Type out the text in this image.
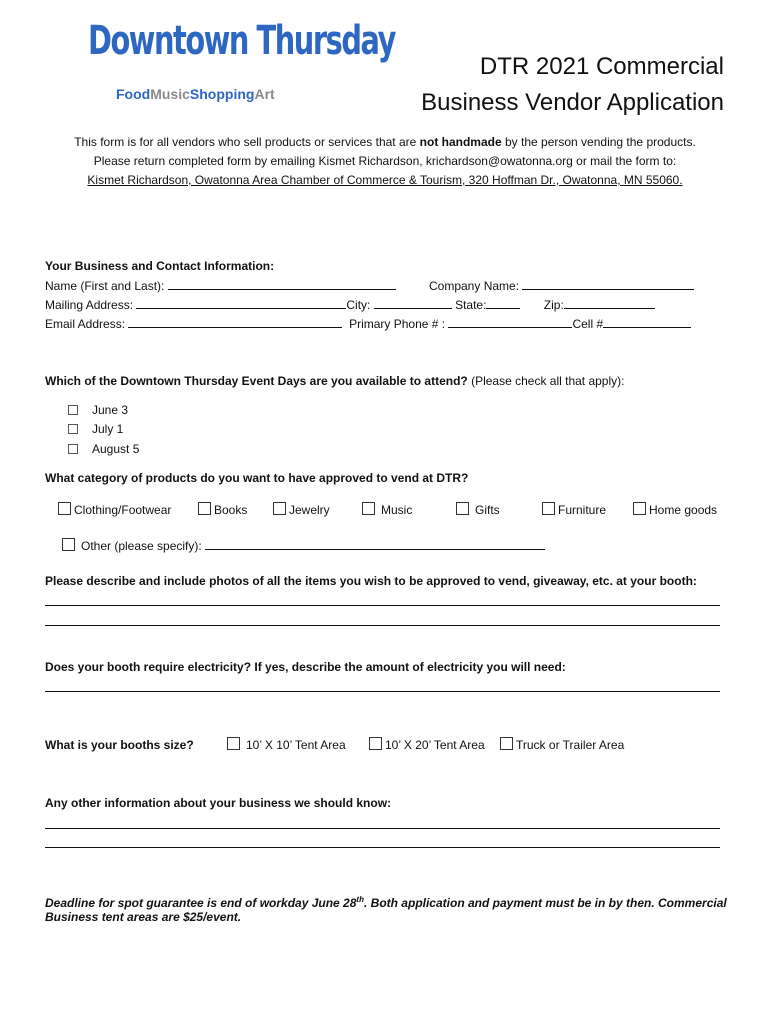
Downtown Thursday
FoodMusicShoppingArt
DTR 2021 Commercial
Business Vendor Application
This form is for all vendors who sell products or services that are not handmade by the person vending the products.
Please return completed form by emailing Kismet Richardson, krichardson@owatonna.org or mail the form to:
Kismet Richardson, Owatonna Area Chamber of Commerce & Tourism, 320 Hoffman Dr., Owatonna, MN 55060.
Your Business and Contact Information:
Name (First and Last):	Company Name:
Mailing Address:	City:	State:	Zip:
Email Address:	Primary Phone # :	Cell #
Which of the Downtown Thursday Event Days are you available to attend? (Please check all that apply):
June 3
July 1
August 5
What category of products do you want to have approved to vend at DTR?
Clothing/Footwear	Books	Jewelry	Music	Gifts	Furniture	Home goods
Other (please specify):
Please describe and include photos of all the items you wish to be approved to vend, giveaway, etc. at your booth:
Does your booth require electricity? If yes, describe the amount of electricity you will need:
What is your booths size?	10’ X 10’ Tent Area	10’ X 20’ Tent Area	Truck or Trailer Area
Any other information about your business we should know:
Deadline for spot guarantee is end of workday June 28th. Both application and payment must be in by then. Commercial
Business tent areas are $25/event.
